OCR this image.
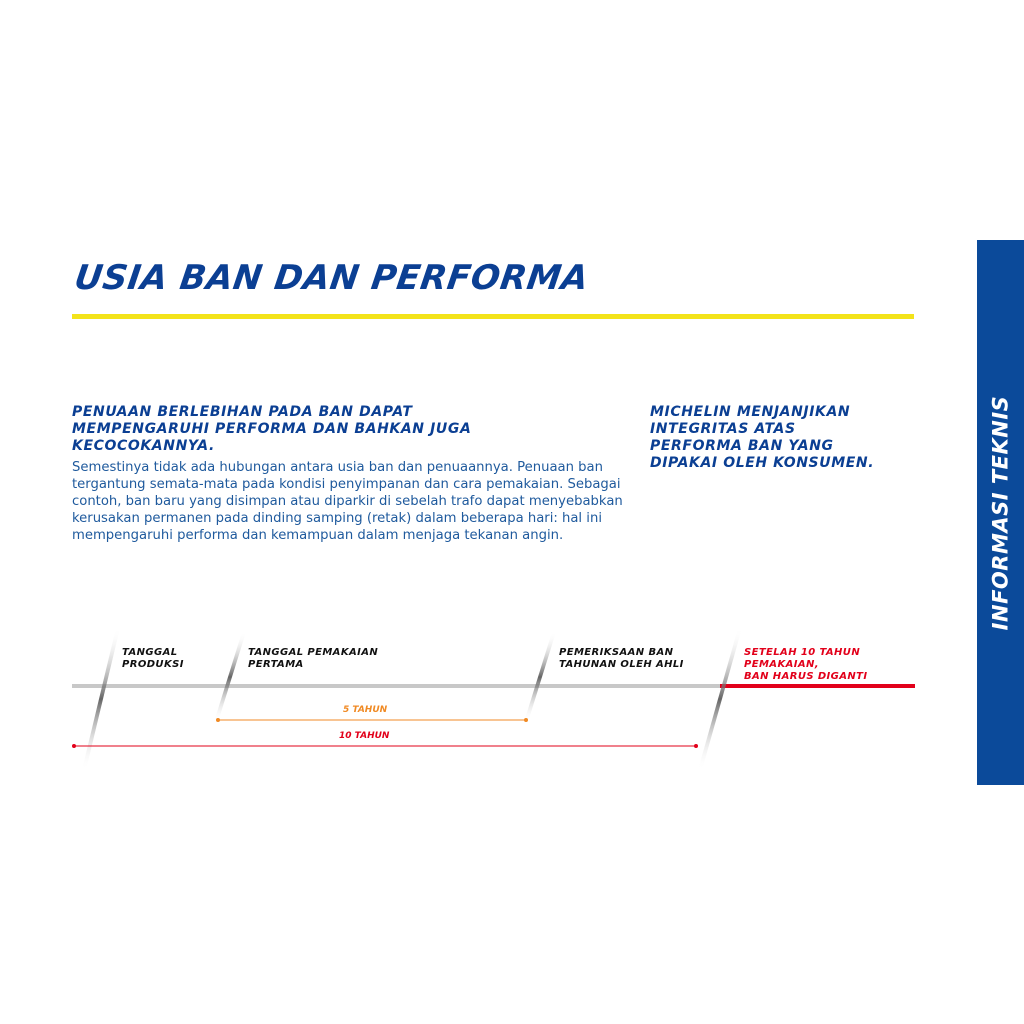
USIA BAN DAN PERFORMA
PENUAAN BERLEBIHAN PADA BAN DAPAT
MEMPENGARUHI PERFORMA DAN BAHKAN JUGA
KECOCOKANNYA.
Semestinya tidak ada hubungan antara usia ban dan penuaannya. Penuaan ban
tergantung semata-mata pada kondisi penyimpanan dan cara pemakaian. Sebagai
contoh, ban baru yang disimpan atau diparkir di sebelah trafo dapat menyebabkan
kerusakan permanen pada dinding samping (retak) dalam beberapa hari: hal ini
mempengaruhi performa dan kemampuan dalam menjaga tekanan angin.
MICHELIN MENJANJIKAN
INTEGRITAS ATAS
PERFORMA BAN YANG
DIPAKAI OLEH KONSUMEN.
TANGGAL
PRODUKSI
TANGGAL PEMAKAIAN
PERTAMA
PEMERIKSAAN BAN
TAHUNAN OLEH AHLI
SETELAH 10 TAHUN
PEMAKAIAN,
BAN HARUS DIGANTI
5 TAHUN
10 TAHUN
INFORMASI TEKNIS
